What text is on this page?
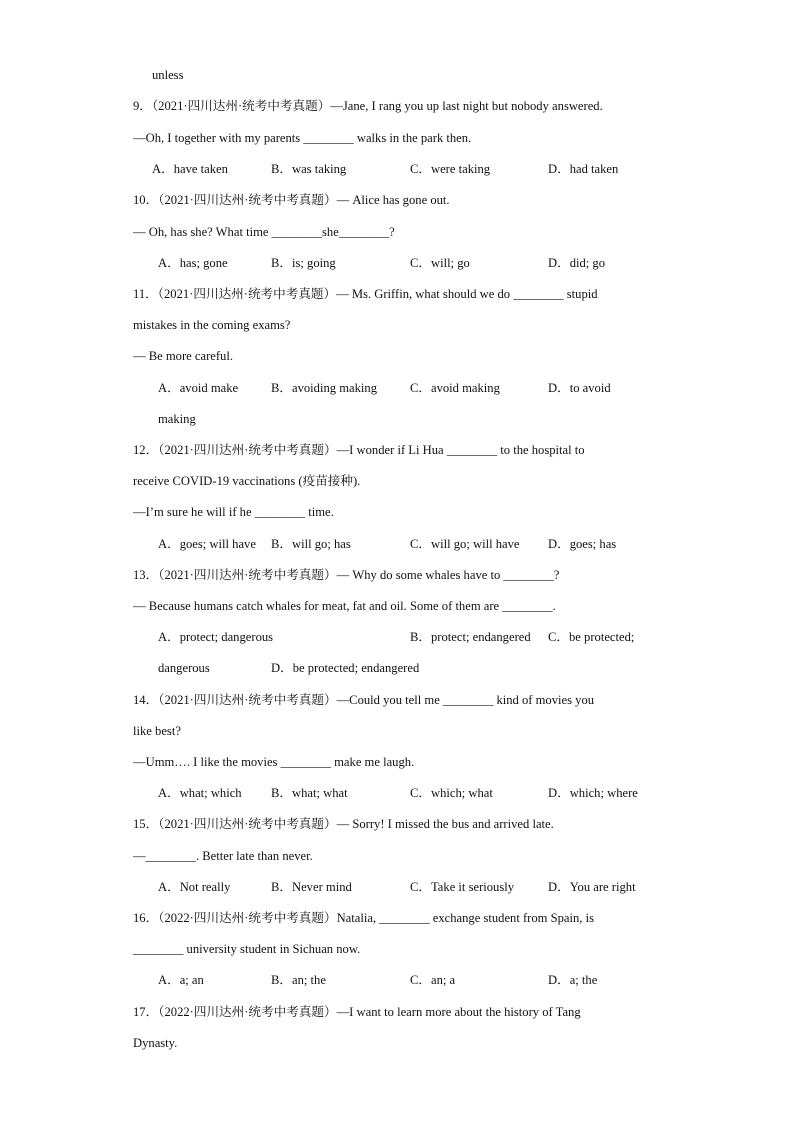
unless
9．（2021·四川达州·统考中考真题）—Jane, I rang you up last night but nobody answered.
—Oh, I together with my parents ________ walks in the park then.
A．have taken	B．was taking	C．were taking	D．had taken
10．（2021·四川达州·统考中考真题）— Alice has gone out.
— Oh, has she? What time ________she________?
A．has; gone	B．is; going	C．will; go	D．did; go
11．（2021·四川达州·统考中考真题）— Ms. Griffin, what should we do ________ stupid
mistakes in the coming exams?
— Be more careful.
A．avoid make	B．avoiding making	C．avoid making	D．to avoid
making
12．（2021·四川达州·统考中考真题）—I wonder if Li Hua ________ to the hospital to
receive COVID-19 vaccinations (疫苗接种).
—I’m sure he will if he ________ time.
A．goes; will have B．will go; has	C．will go; will have D．goes; has
13．（2021·四川达州·统考中考真题）— Why do some whales have to ________?
— Because humans catch whales for meat, fat and oil. Some of them are ________.
A．protect; dangerous	B．protect; endangered C．be protected;
dangerous	D．be protected; endangered
14．（2021·四川达州·统考中考真题）—Could you tell me ________ kind of movies you
like best?
—Umm…. I like the movies ________ make me laugh.
A．what; which B．what; what	C．which; what	D．which; where
15．（2021·四川达州·统考中考真题）— Sorry! I missed the bus and arrived late.
—________. Better late than never.
A．Not really	B．Never mind	C．Take it seriously	D．You are right
16．（2022·四川达州·统考中考真题）Natalia, ________ exchange student from Spain, is
________ university student in Sichuan now.
A．a; an	B．an; the	C．an; a	D．a; the
17．（2022·四川达州·统考中考真题）—I want to learn more about the history of Tang
Dynasty.
